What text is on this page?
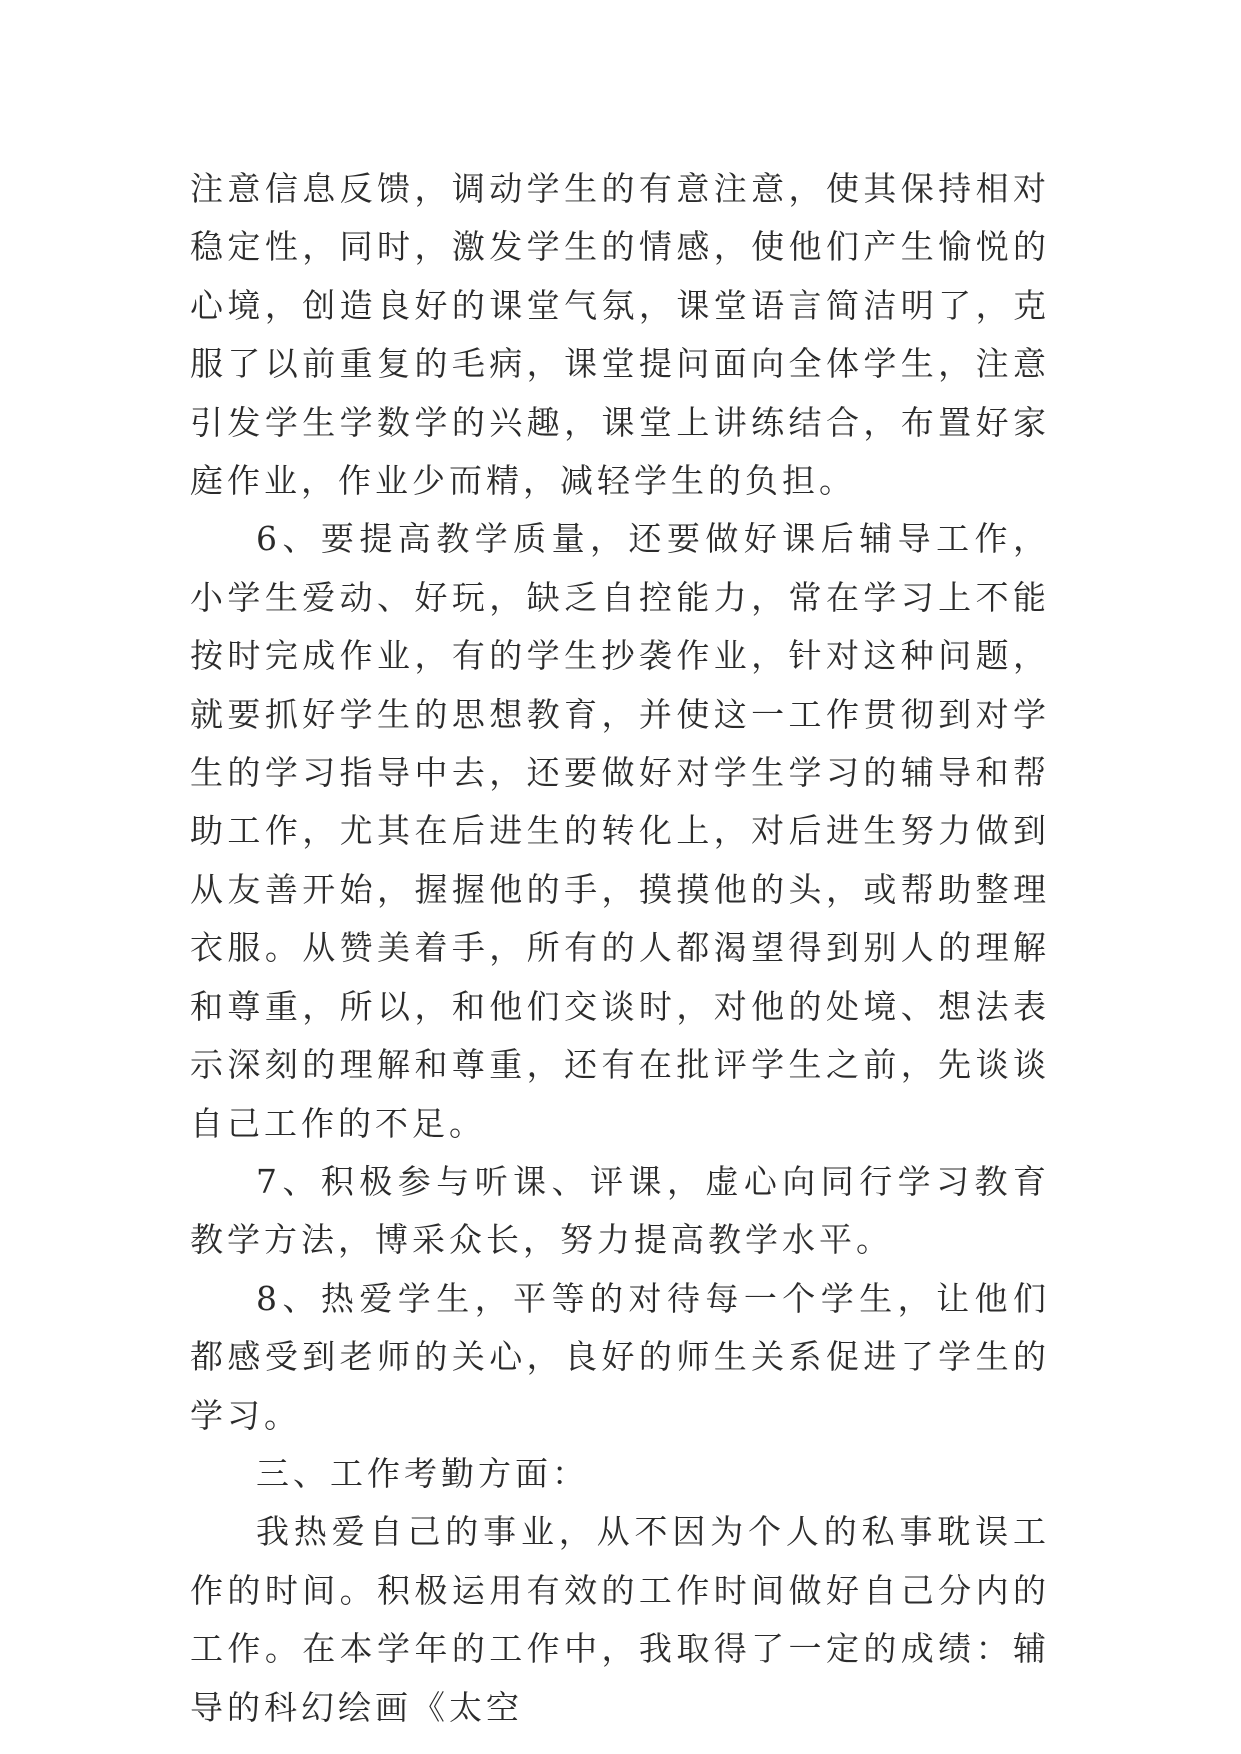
注意信息反馈，调动学生的有意注意，使其保持相对稳定性，同时，激发学生的情感，使他们产生愉悦的心境，创造良好的课堂气氛，课堂语言简洁明了，克服了以前重复的毛病，课堂提问面向全体学生，注意引发学生学数学的兴趣，课堂上讲练结合，布置好家庭作业，作业少而精，减轻学生的负担。

6、要提高教学质量，还要做好课后辅导工作，小学生爱动、好玩，缺乏自控能力，常在学习上不能按时完成作业，有的学生抄袭作业，针对这种问题，就要抓好学生的思想教育，并使这一工作贯彻到对学生的学习指导中去，还要做好对学生学习的辅导和帮助工作，尤其在后进生的转化上，对后进生努力做到从友善开始，握握他的手，摸摸他的头，或帮助整理衣服。从赞美着手，所有的人都渴望得到别人的理解和尊重，所以，和他们交谈时，对他的处境、想法表示深刻的理解和尊重，还有在批评学生之前，先谈谈自己工作的不足。

7、积极参与听课、评课，虚心向同行学习教育教学方法，博采众长，努力提高教学水平。

8、热爱学生，平等的对待每一个学生，让他们都感受到老师的关心，良好的师生关系促进了学生的学习。

三、工作考勤方面：

我热爱自己的事业，从不因为个人的私事耽误工作的时间。积极运用有效的工作时间做好自己分内的工作。在本学年的工作中，我取得了一定的成绩：辅导的科幻绘画《太空
